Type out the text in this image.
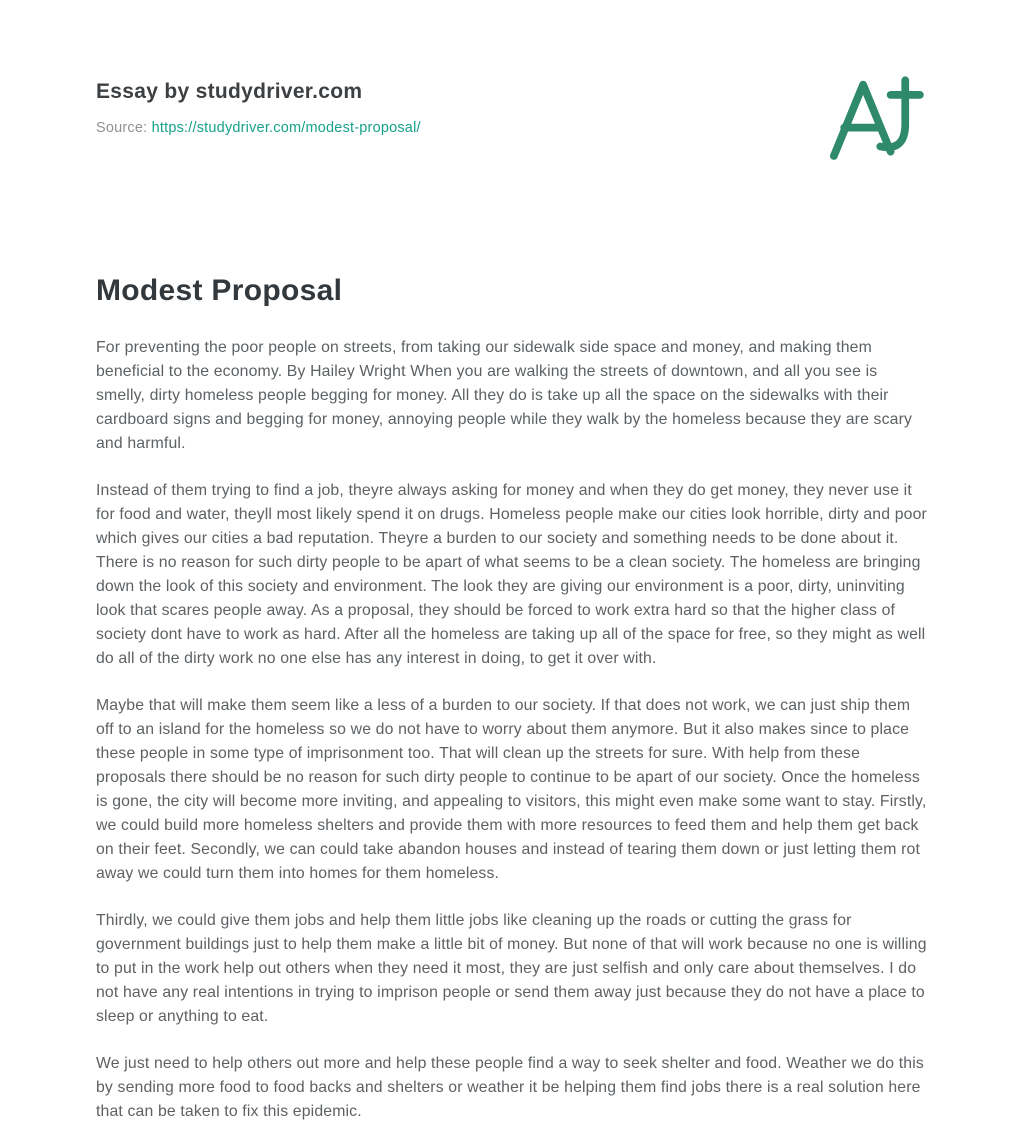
Essay by studydriver.com
Source: https://studydriver.com/modest-proposal/
Modest Proposal

For preventing the poor people on streets, from taking our sidewalk side space and money, and making them beneficial to the economy. By Hailey Wright When you are walking the streets of downtown, and all you see is smelly, dirty homeless people begging for money. All they do is take up all the space on the sidewalks with their cardboard signs and begging for money, annoying people while they walk by the homeless because they are scary and harmful.

Instead of them trying to find a job, theyre always asking for money and when they do get money, they never use it for food and water, theyll most likely spend it on drugs. Homeless people make our cities look horrible, dirty and poor which gives our cities a bad reputation. Theyre a burden to our society and something needs to be done about it. There is no reason for such dirty people to be apart of what seems to be a clean society. The homeless are bringing down the look of this society and environment. The look they are giving our environment is a poor, dirty, uninviting look that scares people away. As a proposal, they should be forced to work extra hard so that the higher class of society dont have to work as hard. After all the homeless are taking up all of the space for free, so they might as well do all of the dirty work no one else has any interest in doing, to get it over with.

Maybe that will make them seem like a less of a burden to our society. If that does not work, we can just ship them off to an island for the homeless so we do not have to worry about them anymore. But it also makes since to place these people in some type of imprisonment too. That will clean up the streets for sure. With help from these proposals there should be no reason for such dirty people to continue to be apart of our society. Once the homeless is gone, the city will become more inviting, and appealing to visitors, this might even make some want to stay. Firstly, we could build more homeless shelters and provide them with more resources to feed them and help them get back on their feet. Secondly, we can could take abandon houses and instead of tearing them down or just letting them rot away we could turn them into homes for them homeless.

Thirdly, we could give them jobs and help them little jobs like cleaning up the roads or cutting the grass for government buildings just to help them make a little bit of money. But none of that will work because no one is willing to put in the work help out others when they need it most, they are just selfish and only care about themselves. I do not have any real intentions in trying to imprison people or send them away just because they do not have a place to sleep or anything to eat.

We just need to help others out more and help these people find a way to seek shelter and food. Weather we do this by sending more food to food backs and shelters or weather it be helping them find jobs there is a real solution here that can be taken to fix this epidemic.
